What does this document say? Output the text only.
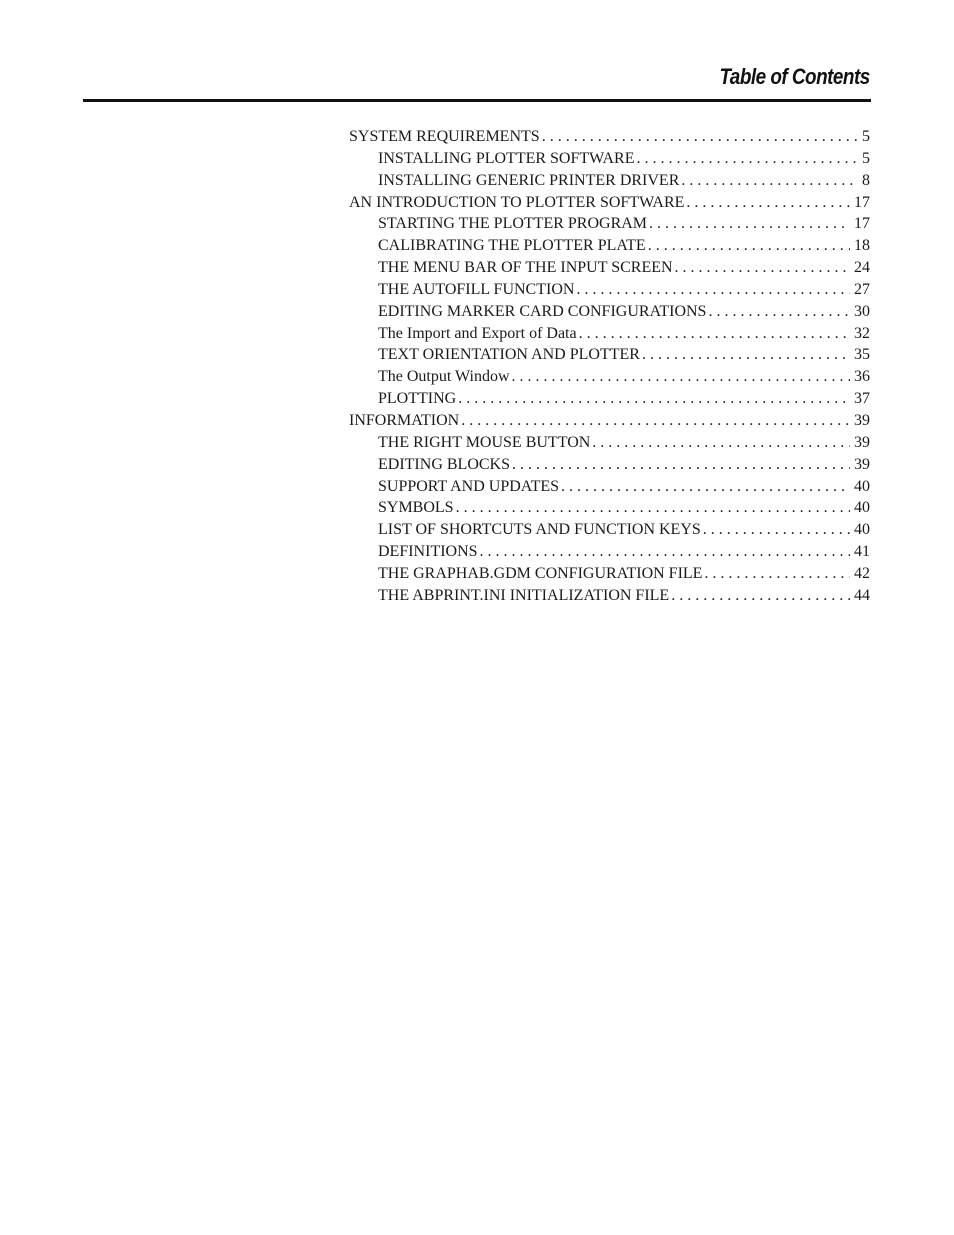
Table of Contents
SYSTEM REQUIREMENTS . . .	5
INSTALLING PLOTTER SOFTWARE . . .	5
INSTALLING GENERIC PRINTER DRIVER . . .	8
AN INTRODUCTION TO PLOTTER SOFTWARE . . .	17
STARTING THE PLOTTER PROGRAM . . .	17
CALIBRATING THE PLOTTER PLATE . . .	18
THE MENU BAR OF THE INPUT SCREEN . . .	24
THE AUTOFILL FUNCTION . . .	27
EDITING MARKER CARD CONFIGURATIONS . . .	30
The Import and Export of Data . . .	32
TEXT ORIENTATION AND PLOTTER . . .	35
The Output Window . . .	36
PLOTTING . . .	37
INFORMATION . . .	39
THE RIGHT MOUSE BUTTON . . .	39
EDITING BLOCKS . . .	39
SUPPORT AND UPDATES . . .	40
SYMBOLS . . .	40
LIST OF SHORTCUTS AND FUNCTION KEYS . . .	40
DEFINITIONS . . .	41
THE GRAPHAB.GDM CONFIGURATION FILE . . .	42
THE ABPRINT.INI INITIALIZATION FILE . . .	44
